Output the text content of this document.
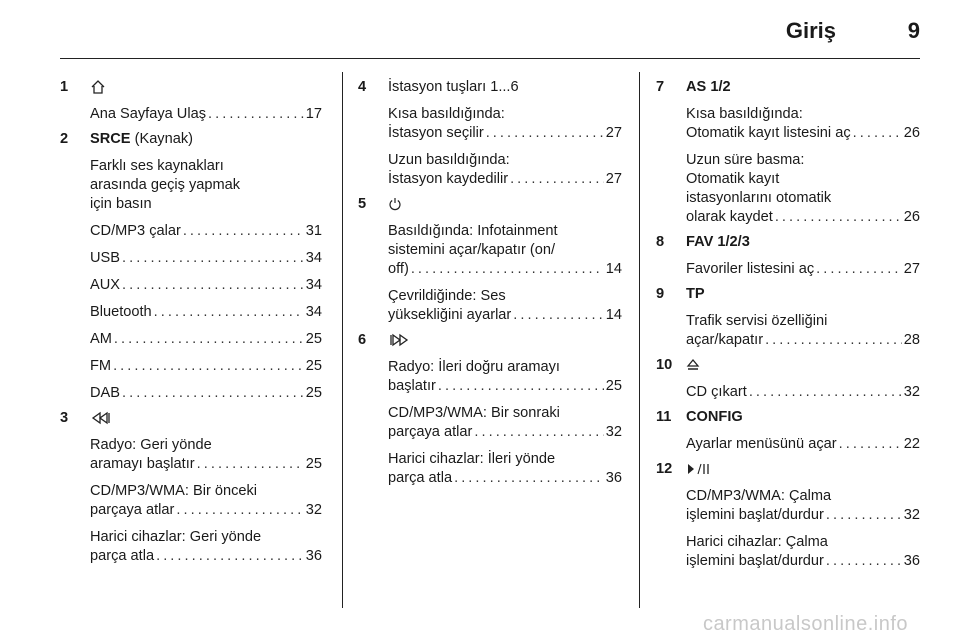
Giriş	9
1
Ana Sayfaya Ulaş . . .	17
2 SRCE (Kaynak)
Farklı ses kaynakları
arasında geçiş yapmak
için basın
CD/MP3 çalar . . .	31
USB . . .	34
AUX . . .	34
Bluetooth . . .	34
AM . . .	25
FM . . .	25
DAB . . .	25
3
Radyo: Geri yönde
aramayı başlatır . . .	25
CD/MP3/WMA: Bir önceki
parçaya atlar . . .	32
Harici cihazlar: Geri yönde
parça atla . . .	36
4 İstasyon tuşları 1...6
Kısa basıldığında:
İstasyon seçilir . . .	27
Uzun basıldığında:
İstasyon kaydedilir . . .	27
5
Basıldığında: Infotainment
sistemini açar/kapatır (on/
off) . . .	14
Çevrildiğinde: Ses
yüksekliğini ayarlar . . .	14
6
Radyo: İleri doğru aramayı
başlatır . . .	25
CD/MP3/WMA: Bir sonraki
parçaya atlar . . .	32
Harici cihazlar: İleri yönde
parça atla . . .	36
7 AS 1/2
Kısa basıldığında:
Otomatik kayıt listesini aç . . .	26
Uzun süre basma:
Otomatik kayıt
istasyonlarını otomatik
olarak kaydet . . .	26
8 FAV 1/2/3
Favoriler listesini aç . . .	27
9 TP
Trafik servisi özelliğini
açar/kapatır . . .	28
10
CD çıkart . . .	32
11 CONFIG
Ayarlar menüsünü açar . . .	22
12
CD/MP3/WMA: Çalma
işlemini başlat/durdur . . .	32
Harici cihazlar: Çalma
işlemini başlat/durdur . . .	36
carmanualsonline.info
